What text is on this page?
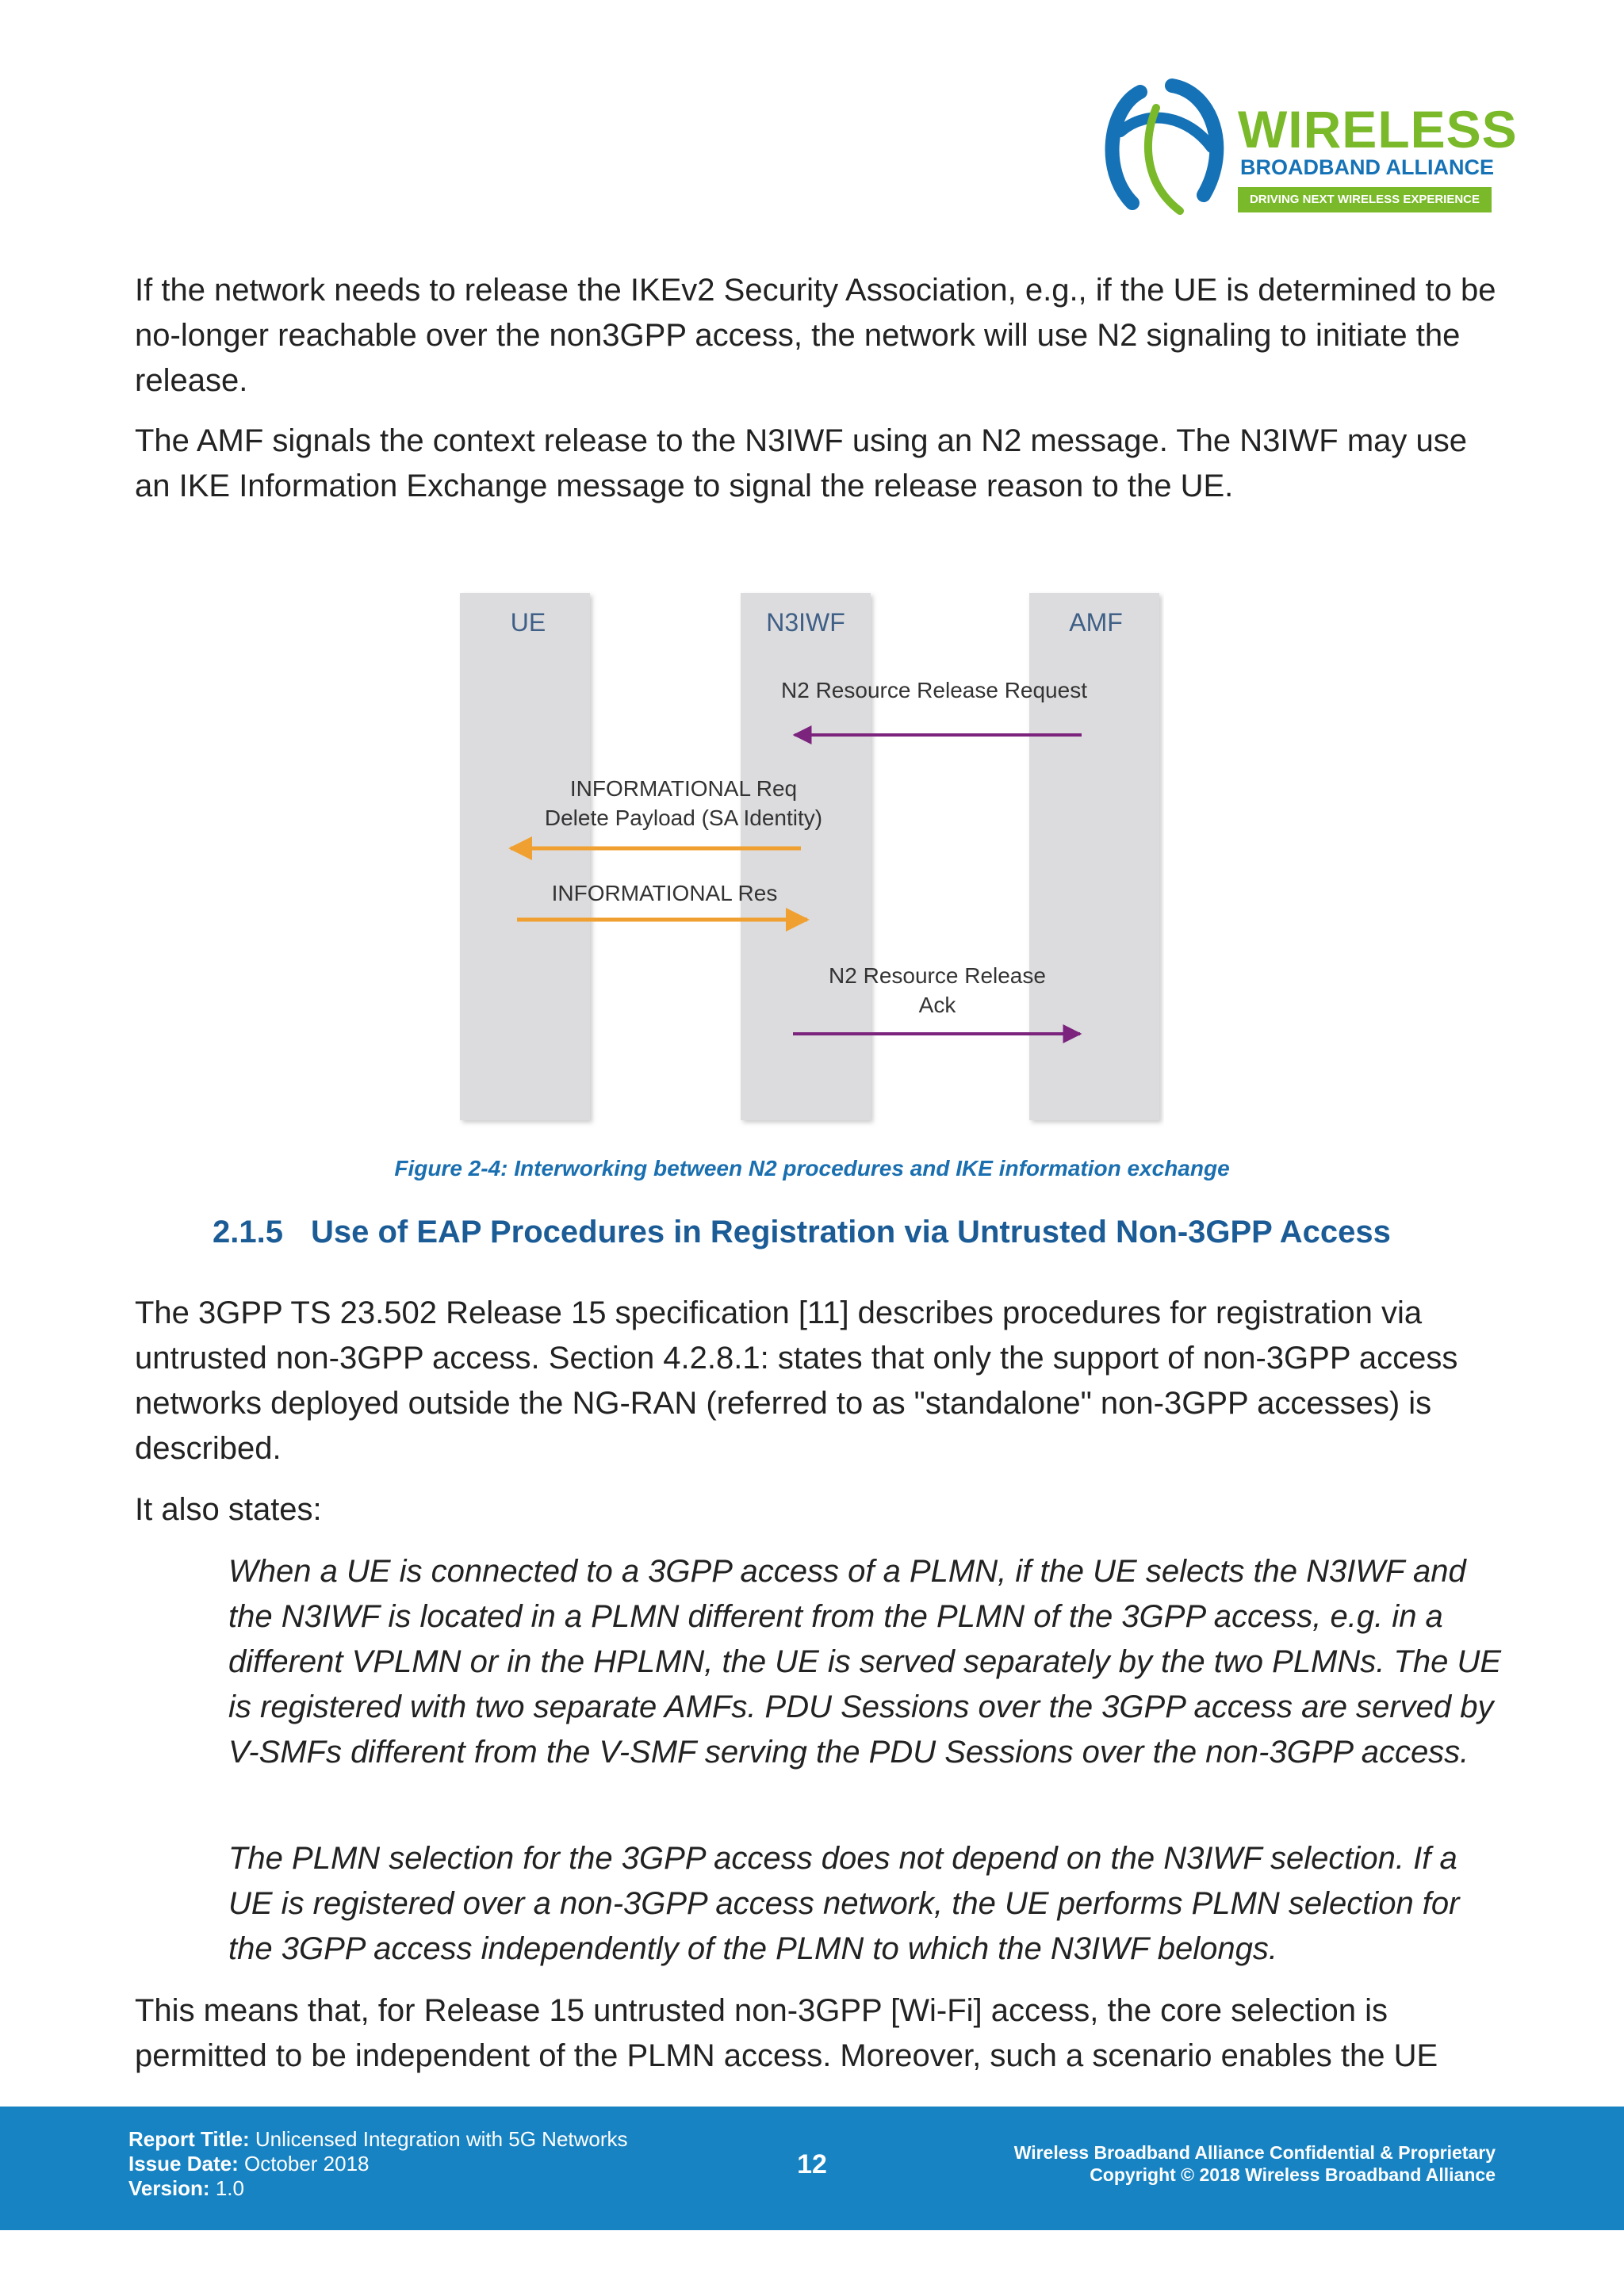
WIRELESS
BROADBAND ALLIANCE
DRIVING NEXT WIRELESS EXPERIENCE

If the network needs to release the IKEv2 Security Association, e.g., if the UE is determined to be no-longer reachable over the non3GPP access, the network will use N2 signaling to initiate the release.

The AMF signals the context release to the N3IWF using an N2 message. The N3IWF may use an IKE Information Exchange message to signal the release reason to the UE.

UE	N3IWF	AMF
N2 Resource Release Request
INFORMATIONAL Req
Delete Payload (SA Identity)
INFORMATIONAL Res
N2 Resource Release
Ack
Figure 2-4: Interworking between N2 procedures and IKE information exchange
2.1.5 Use of EAP Procedures in Registration via Untrusted Non-3GPP Access

The 3GPP TS 23.502 Release 15 specification [11] describes procedures for registration via untrusted non-3GPP access. Section 4.2.8.1: states that only the support of non-3GPP access networks deployed outside the NG-RAN (referred to as "standalone" non-3GPP accesses) is described.

It also states:

When a UE is connected to a 3GPP access of a PLMN, if the UE selects the N3IWF and the N3IWF is located in a PLMN different from the PLMN of the 3GPP access, e.g. in a different VPLMN or in the HPLMN, the UE is served separately by the two PLMNs. The UE is registered with two separate AMFs. PDU Sessions over the 3GPP access are served by V-SMFs different from the V-SMF serving the PDU Sessions over the non-3GPP access.

The PLMN selection for the 3GPP access does not depend on the N3IWF selection. If a UE is registered over a non-3GPP access network, the UE performs PLMN selection for the 3GPP access independently of the PLMN to which the N3IWF belongs.

This means that, for Release 15 untrusted non-3GPP [Wi-Fi] access, the core selection is permitted to be independent of the PLMN access. Moreover, such a scenario enables the UE

Report Title: Unlicensed Integration with 5G Networks
Issue Date: October 2018
Version: 1.0
12	Wireless Broadband Alliance Confidential & Proprietary
Copyright © 2018 Wireless Broadband Alliance
